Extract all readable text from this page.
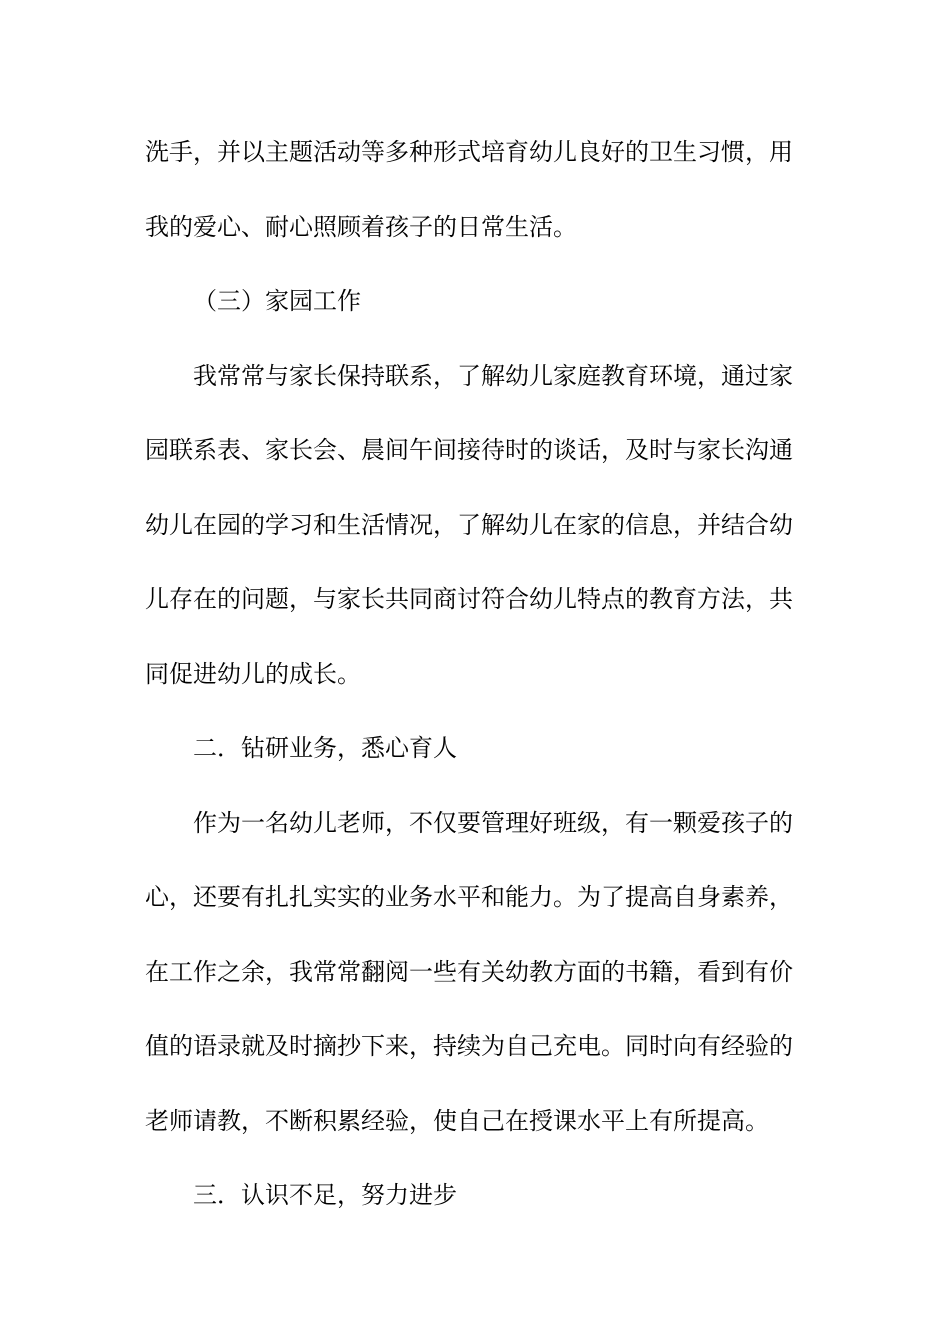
洗手，并以主题活动等多种形式培育幼儿良好的卫生习惯，用
我的爱心、耐心照顾着孩子的日常生活。
（三）家园工作
我常常与家长保持联系，了解幼儿家庭教育环境，通过家
园联系表、家长会、晨间午间接待时的谈话，及时与家长沟通
幼儿在园的学习和生活情况，了解幼儿在家的信息，并结合幼
儿存在的问题，与家长共同商讨符合幼儿特点的教育方法，共
同促进幼儿的成长。
二．钻研业务，悉心育人
作为一名幼儿老师，不仅要管理好班级，有一颗爱孩子的
心，还要有扎扎实实的业务水平和能力。为了提高自身素养，
在工作之余，我常常翻阅一些有关幼教方面的书籍，看到有价
值的语录就及时摘抄下来，持续为自己充电。同时向有经验的
老师请教，不断积累经验，使自己在授课水平上有所提高。
三．认识不足，努力进步
